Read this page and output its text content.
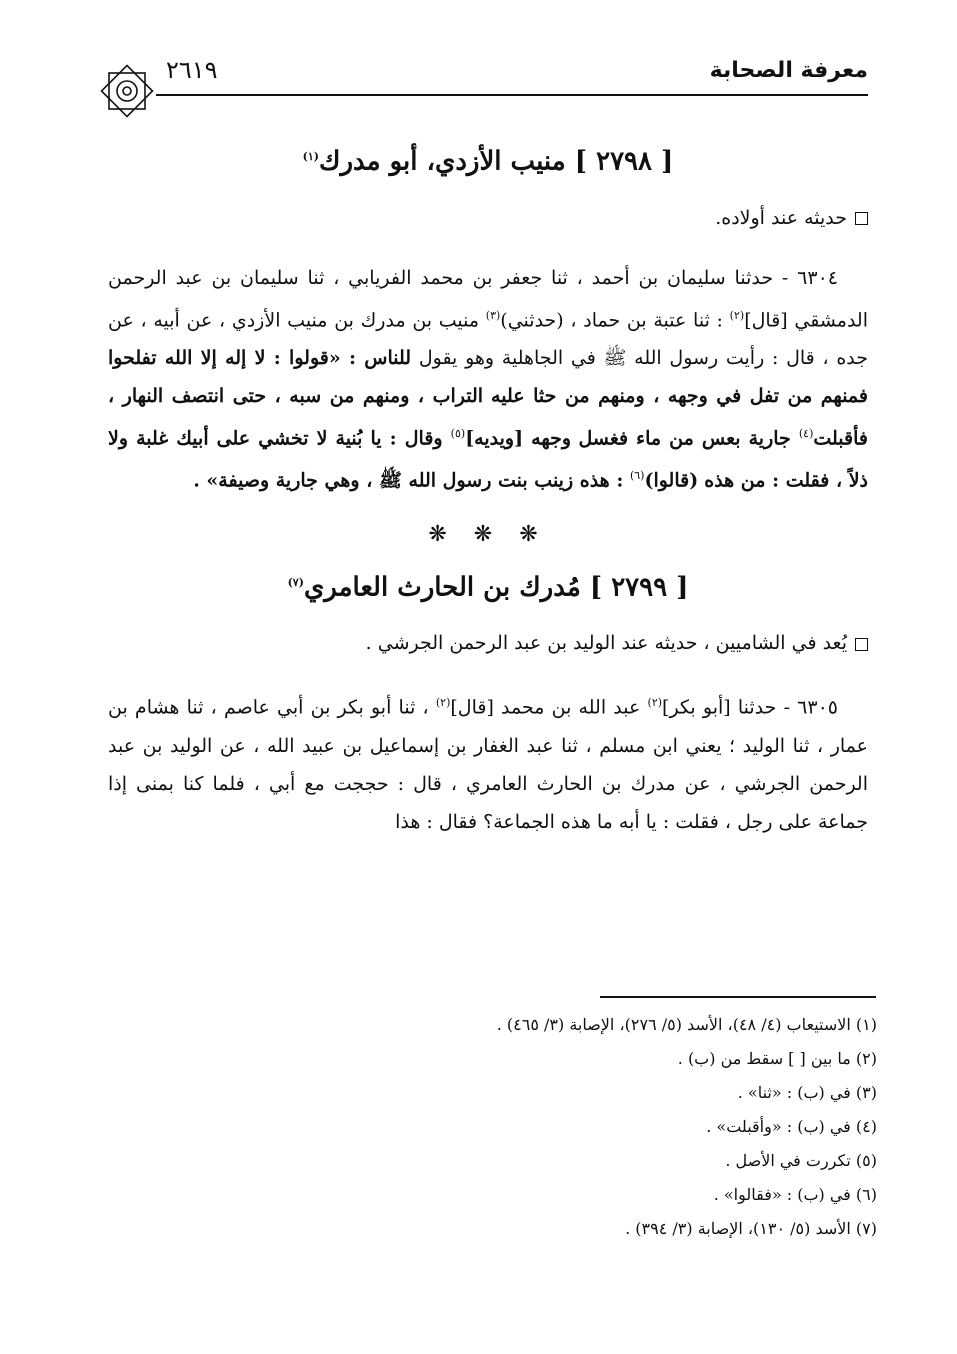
٢٦١٩	معرفة الصحابة
[ ٢٧٩٨ ] منيب الأزدي، أبو مدرك$^{(١)}$

حديثه عند أولاده.

٦٣٠٤ - حدثنا سليمان بن أحمد ، ثنا جعفر بن محمد الفريابي ، ثنا سليمان بن عبد الرحمن الدمشقي [قال]$^{(٢)}$ : ثنا عتبة بن حماد ، (حدثني)$^{(٣)}$ منيب بن مدرك بن منيب الأزدي ، عن أبيه ، عن جده ، قال : رأيت رسول الله ﷺ في الجاهلية وهو يقول للناس : «قولوا : لا إله إلا الله تفلحوا فمنهم من تفل في وجهه ، ومنهم من حثا عليه التراب ، ومنهم من سبه ، حتى انتصف النهار ، فأقبلت$^{(٤)}$ جارية بعس من ماء فغسل وجهه [ويديه]$^{(٥)}$ وقال : يا بُنية لا تخشي على أبيك غلبة ولا ذلاً ، فقلت : من هذه (قالوا)$^{(٦)}$ : هذه زينب بنت رسول الله ﷺ ، وهي جارية وصيفة» .

❋ ❋ ❋
[ ٢٧٩٩ ] مُدرك بن الحارث العامري$^{(٧)}$

يُعد في الشاميين ، حديثه عند الوليد بن عبد الرحمن الجرشي .

٦٣٠٥ - حدثنا [أبو بكر]$^{(٢)}$ عبد الله بن محمد [قال]$^{(٢)}$ ، ثنا أبو بكر بن أبي عاصم ، ثنا هشام بن عمار ، ثنا الوليد ؛ يعني ابن مسلم ، ثنا عبد الغفار بن إسماعيل بن عبيد الله ، عن الوليد بن عبد الرحمن الجرشي ، عن مدرك بن الحارث العامري ، قال : حججت مع أبي ، فلما كنا بمنى إذا جماعة على رجل ، فقلت : يا أبه ما هذه الجماعة؟ فقال : هذا

(١) الاستيعاب (٤/ ٤٨)، الأسد (٥/ ٢٧٦)، الإصابة (٣/ ٤٦٥) .
(٢) ما بين [ ] سقط من (ب) .
(٣) في (ب) : «ثنا» .
(٤) في (ب) : «وأقبلت» .
(٥) تكررت في الأصل .
(٦) في (ب) : «فقالوا» .
(٧) الأسد (٥/ ١٣٠)، الإصابة (٣/ ٣٩٤) .
